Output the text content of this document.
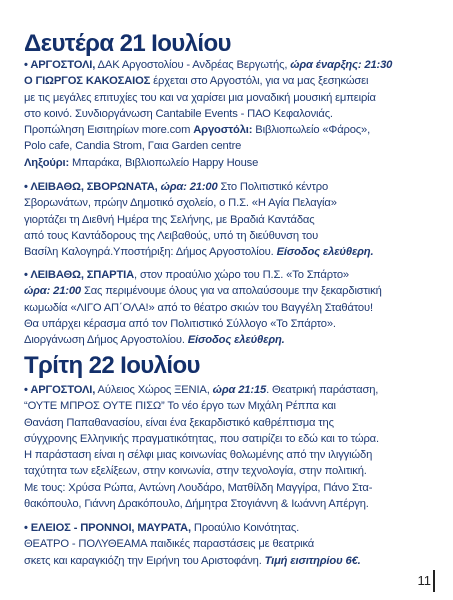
Δευτέρα 21 Ιουλίου
• ΑΡΓΟΣΤΟΛΙ, ΔΑΚ Αργοστολίου - Ανδρέας Βεργωτής, ώρα έναρξης: 21:30
Ο ΓΙΩΡΓΟΣ ΚΑΚΟΣΑΙΟΣ έρχεται στο Αργοστόλι, για να μας ξεσηκώσει
με τις μεγάλες επιτυχίες του και να χαρίσει μια μοναδική μουσική εμπειρία
στο κοινό. Συνδιοργάνωση Cantabile Events - ΠΑΟ Κεφαλονιάς.
Προπώληση Εισιτηρίων more.com Αργοστόλι: Βιβλιοπωλείο «Φάρος»,
Polo cafe, Candia Strom, Γαια Garden centre
Ληξούρι: Μπαράκα, Βιβλιοπωλείο Happy House
• ΛΕΙΒΑΘΩ, ΣΒΟΡΩΝΑΤΑ, ώρα: 21:00 Στο Πολιτιστικό κέντρο
Σβορωνάτων, πρώην Δημοτικό σχολείο, ο Π.Σ. «Η Αγία Πελαγία»
γιορτάζει τη Διεθνή Ημέρα της Σελήνης, με Βραδιά Καντάδας
από τους Καντάδορους της Λειβαθούς, υπό τη διεύθυνση του
Βασίλη Καλογηρά.Υποστήριξη: Δήμος Αργοστολίου. Είσοδος ελεύθερη.
• ΛΕΙΒΑΘΩ, ΣΠΑΡΤΙΑ, στον προαύλιο χώρο του Π.Σ. «Το Σπάρτο»
ώρα: 21:00 Σας περιμένουμε όλους για να απολαύσουμε την ξεκαρδιστική
κωμωδία «ΛΙΓΟ ΑΠ΄ΟΛΑ!» από το θέατρο σκιών του Βαγγέλη Σταθάτου!
Θα υπάρχει κέρασμα από τον Πολιτιστικό Σύλλογο «Το Σπάρτο».
Διοργάνωση Δήμος Αργοστολίου. Είσοδος ελεύθερη.
Τρίτη 22 Ιουλίου
• ΑΡΓΟΣΤΟΛΙ, Αύλειος Χώρος ΞΕΝΙΑ, ώρα 21:15. Θεατρική παράσταση,
“ΟΥΤΕ ΜΠΡΟΣ ΟΥΤΕ ΠΙΣΩ” Το νέο έργο των Μιχάλη Ρέππα και
Θανάση Παπαθανασίου, είναι ένα ξεκαρδιστικό καθρέπτισμα της
σύγχρονης Ελληνικής πραγματικότητας, που σατιρίζει το εδώ και το τώρα.
Η παράσταση είναι η σέλφι μιας κοινωνίας θολωμένης από την ιλιγγιώδη
ταχύτητα των εξελίξεων, στην κοινωνία, στην τεχνολογία, στην πολιτική.
Με τους: Χρύσα Ρώπα, Αντώνη Λουδάρο, Ματθίλδη Μαγγίρα, Πάνο Στα-
θακόπουλο, Γιάννη Δρακόπουλο, Δήμητρα Στογιάννη & Ιωάννη Απέργη.
• ΕΛΕΙΟΣ - ΠΡΟΝΝΟΙ, ΜΑΥΡΑΤΑ, Προαύλιο Κοινότητας.
ΘΕΑΤΡΟ - ΠΟΛΥΘΕΑΜΑ παιδικές παραστάσεις με θεατρικά
σκετς και καραγκιόζη την Ειρήνη του Αριστοφάνη. Τιμή εισιτηρίου 6€.
11
